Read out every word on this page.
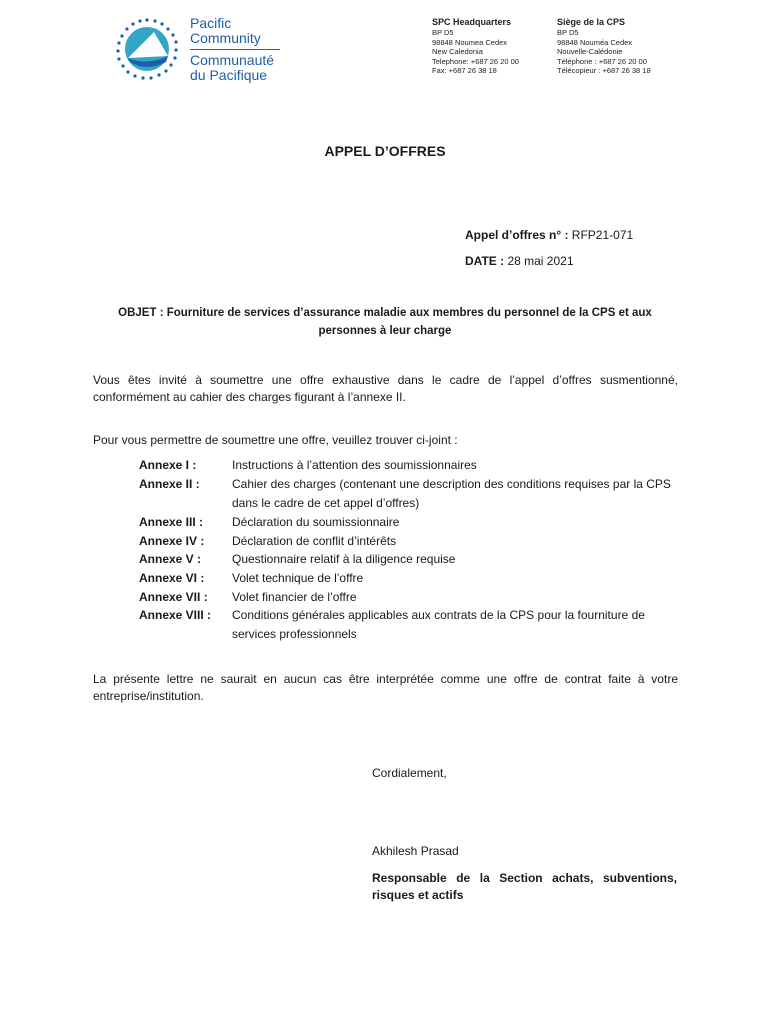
Pacific
Community
Communauté
du Pacifique
SPC Headquarters
BP D5
98848 Noumea Cedex
New Caledonia
Telephone: +687 26 20 00
Fax: +687 26 38 18
Siège de la CPS
BP D5
98848 Nouméa Cedex
Nouvelle-Calédonie
Téléphone : +687 26 20 00
Télécopieur : +687 26 38 18
APPEL D’OFFRES
Appel d’offres n° : RFP21-071
DATE : 28 mai 2021
OBJET : Fourniture de services d’assurance maladie aux membres du personnel de la CPS et aux personnes à leur charge
Vous êtes invité à soumettre une offre exhaustive dans le cadre de l’appel d’offres susmentionné, conformément au cahier des charges figurant à l’annexe II.
Pour vous permettre de soumettre une offre, veuillez trouver ci-joint :
Annexe I :	Instructions à l’attention des soumissionnaires
Annexe II :	Cahier des charges (contenant une description des conditions requises par la CPS dans le cadre de cet appel d’offres)
Annexe III :	Déclaration du soumissionnaire
Annexe IV :	Déclaration de conflit d’intérêts
Annexe V :	Questionnaire relatif à la diligence requise
Annexe VI :	Volet technique de l’offre
Annexe VII :	Volet financier de l’offre
Annexe VIII :	Conditions générales applicables aux contrats de la CPS pour la fourniture de services professionnels
La présente lettre ne saurait en aucun cas être interprétée comme une offre de contrat faite à votre entreprise/institution.
Cordialement,
Akhilesh Prasad
Responsable de la Section achats, subventions, risques et actifs
